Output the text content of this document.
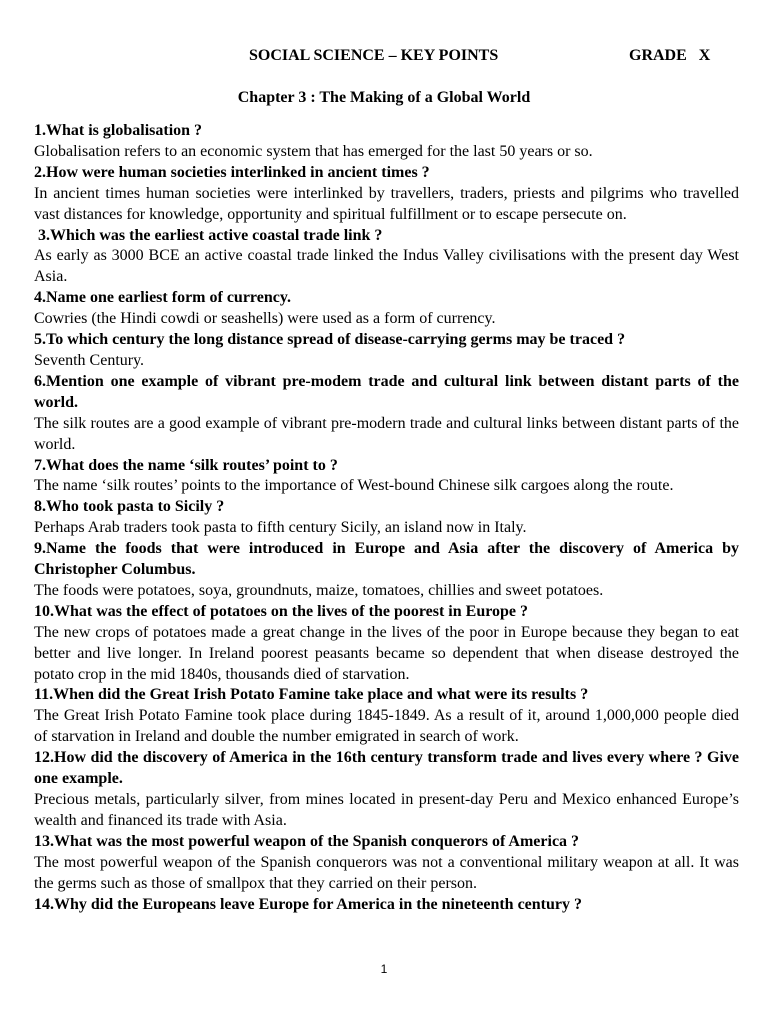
SOCIAL SCIENCE – KEY POINTS	GRADE   X
Chapter 3 : The Making of a Global World

1.What is globalisation ?

Globalisation refers to an economic system that has emerged for the last 50 years or so.

2.How were human societies interlinked in ancient times ?

In ancient times human societies were interlinked by travellers, traders, priests and pilgrims who travelled vast distances for knowledge, opportunity and spiritual fulfillment or to escape persecute on.

3.Which was the earliest active coastal trade link ?

As early as 3000 BCE an active coastal trade linked the Indus Valley civilisations with the present day West Asia.

4.Name one earliest form of currency.

Cowries (the Hindi cowdi or seashells) were used as a form of currency.

5.To which century the long distance spread of disease-carrying germs may be traced ?

Seventh Century.

6.Mention one example of vibrant pre-modem trade and cultural link between distant parts of the world.

The silk routes are a good example of vibrant pre-modern trade and cultural links between distant parts of the world.

7.What does the name ‘silk routes’ point to ?

The name ‘silk routes’ points to the importance of West-bound Chinese silk cargoes along the route.

8.Who took pasta to Sicily ?

Perhaps Arab traders took pasta to fifth century Sicily, an island now in Italy.

9.Name the foods that were introduced in Europe and Asia after the discovery of America by Christopher Columbus.

The foods were potatoes, soya, groundnuts, maize, tomatoes, chillies and sweet potatoes.

10.What was the effect of potatoes on the lives of the poorest in Europe ?

The new crops of potatoes made a great change in the lives of the poor in Europe because they began to eat better and live longer. In Ireland poorest peasants became so dependent that when disease destroyed the potato crop in the mid 1840s, thousands died of starvation.

11.When did the Great Irish Potato Famine take place and what were its results ?

The Great Irish Potato Famine took place during 1845-1849. As a result of it, around 1,000,000 people died of starvation in Ireland and double the number emigrated in search of work.

12.How did the discovery of America in the 16th century transform trade and lives every where ? Give one example.

Precious metals, particularly silver, from mines located in present-day Peru and Mexico enhanced Europe’s wealth and financed its trade with Asia.

13.What was the most powerful weapon of the Spanish conquerors of America ?

The most powerful weapon of the Spanish conquerors was not a conventional military weapon at all. It was the germs such as those of smallpox that they carried on their person.

14.Why did the Europeans leave Europe for America in the nineteenth century ?

1
